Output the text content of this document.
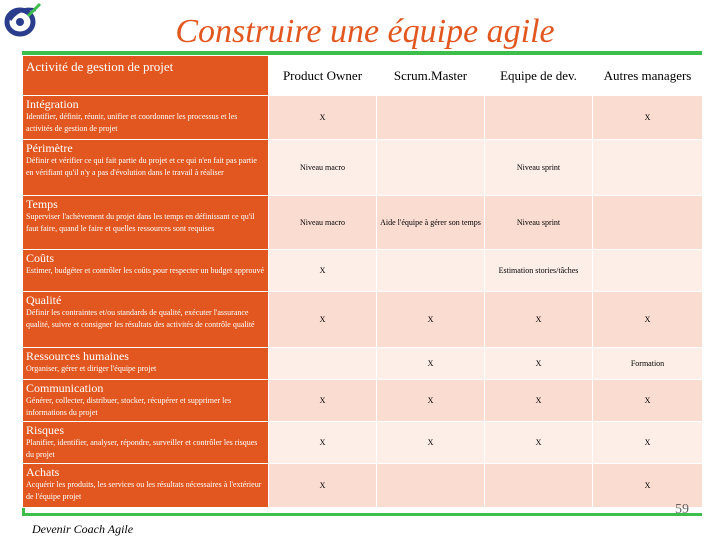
Construire une équipe agile
Activité de gestion de projet	Product Owner	Scrum.Master	Equipe de dev.	Autres managers

Intégration
Identifier, définir, réunir, unifier et coordonner les processus et les activités de gestion de projet	X			X

Périmètre
Définir et vérifier ce qui fait partie du projet et ce qui n'en fait pas partie en vérifiant qu'il n'y a pas d'évolution dans le travail à réaliser	Niveau macro		Niveau sprint	

Temps
Superviser l'achèvement du projet dans les temps en définissant ce qu'il faut faire, quand le faire et quelles ressources sont requises	Niveau macro	Aide l'équipe à gérer son temps	Niveau sprint	

Coûts
Estimer, budgéter et contrôler les coûts pour respecter un budget approuvé	X		Estimation stories/tâches	

Qualité
Définir les contraintes et/ou standards de qualité, exécuter l'assurance qualité, suivre et consigner les résultats des activités de contrôle qualité	X	X	X	X

Ressources humaines
Organiser, gérer et diriger l'équipe projet		X	X	Formation

Communication
Générer, collecter, distribuer, stocker, récupérer et supprimer les informations du projet	X	X	X	X

Risques
Planifier, identifier, analyser, répondre, surveiller et contrôler les risques du projet	X	X	X	X

Achats
Acquérir les produits, les services ou les résultats nécessaires à l'extérieur de l'équipe projet	X			X
59
Devenir Coach Agile
